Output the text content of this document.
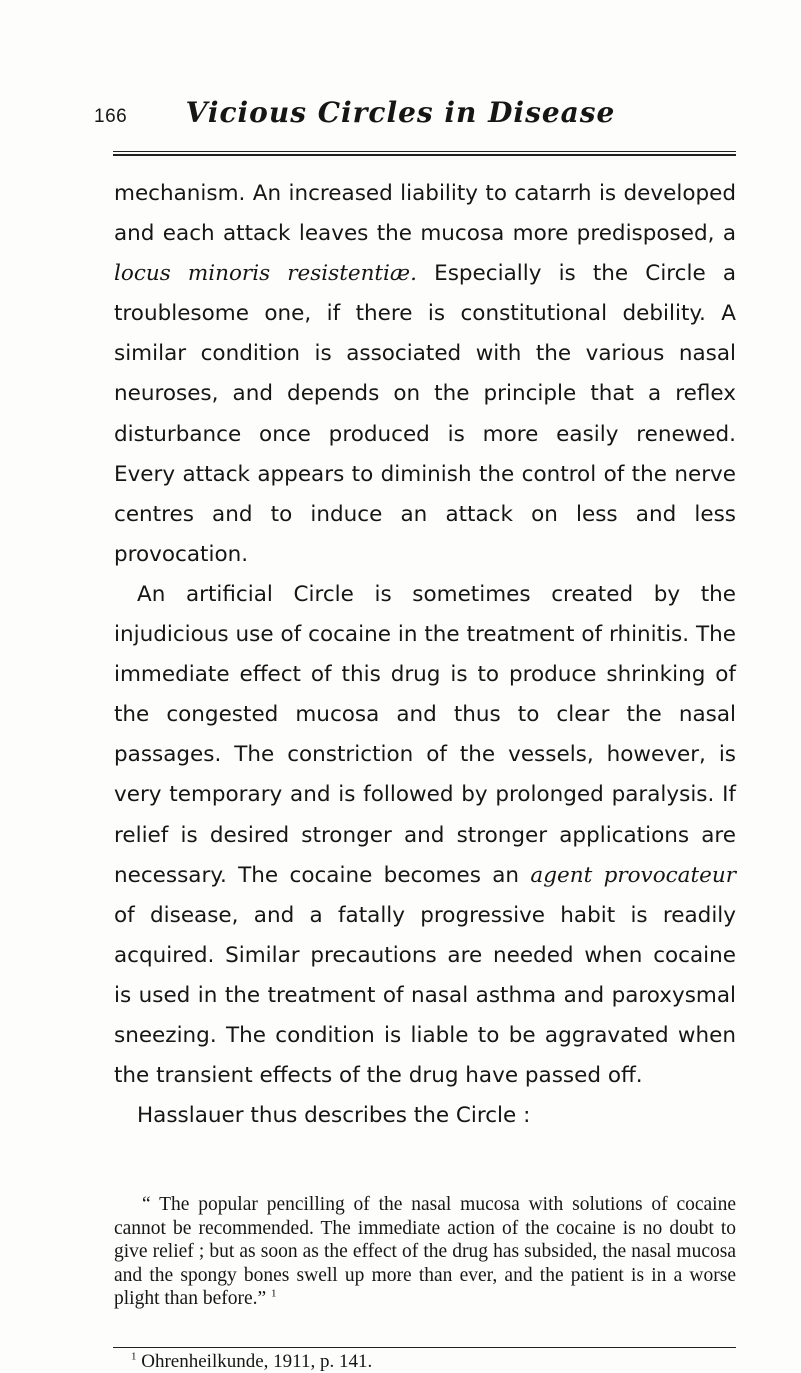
166	Vicious Circles in Disease

mechanism. An increased liability to catarrh is developed and each attack leaves the mucosa more predisposed, a locus minoris resistentiæ. Especially is the Circle a troublesome one, if there is constitutional debility. A similar condition is associated with the various nasal neuroses, and depends on the principle that a reflex disturbance once produced is more easily renewed. Every attack appears to diminish the control of the nerve centres and to induce an attack on less and less provocation.

An artificial Circle is sometimes created by the injudicious use of cocaine in the treatment of rhinitis. The immediate effect of this drug is to produce shrinking of the congested mucosa and thus to clear the nasal passages. The constriction of the vessels, however, is very temporary and is followed by prolonged paralysis. If relief is desired stronger and stronger applications are necessary. The cocaine becomes an agent provocateur of disease, and a fatally progressive habit is readily acquired. Similar precautions are needed when cocaine is used in the treatment of nasal asthma and paroxysmal sneezing. The condition is liable to be aggravated when the transient effects of the drug have passed off.

Hasslauer thus describes the Circle :

“ The popular pencilling of the nasal mucosa with solutions of cocaine cannot be recommended. The immediate action of the cocaine is no doubt to give relief ; but as soon as the effect of the drug has subsided, the nasal mucosa and the spongy bones swell up more than ever, and the patient is in a worse plight than before.” $^1$

$^1$ Ohrenheilkunde, 1911, p. 141.
